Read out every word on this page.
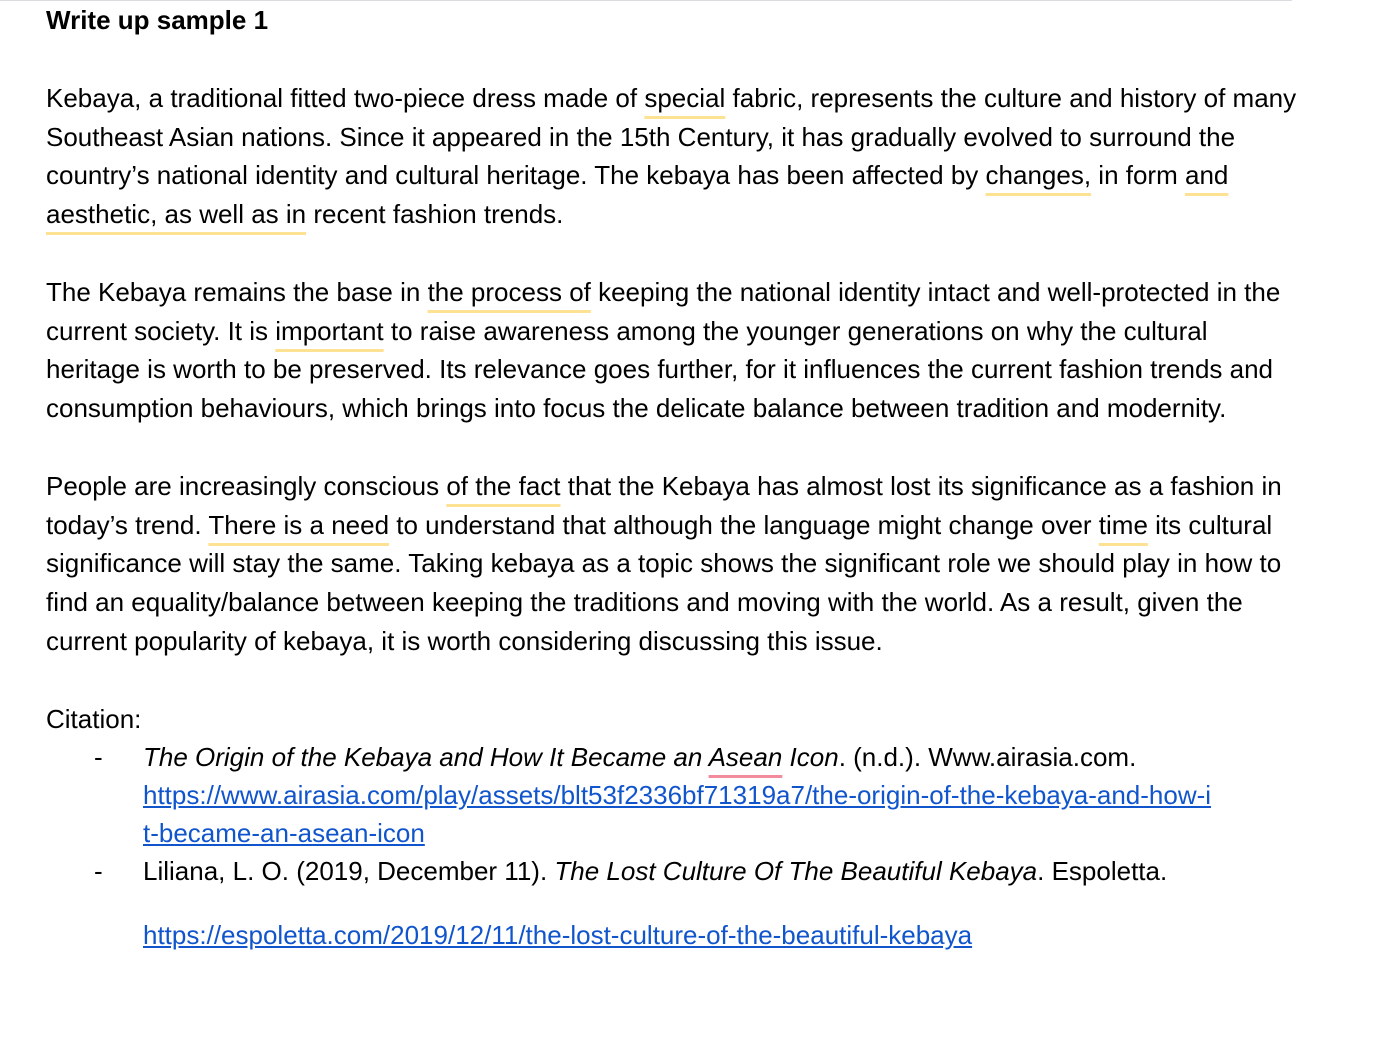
Write up sample 1

Kebaya, a traditional fitted two-piece dress made of special fabric, represents the culture and history of many Southeast Asian nations. Since it appeared in the 15th Century, it has gradually evolved to surround the country’s national identity and cultural heritage. The kebaya has been affected by changes, in form and aesthetic, as well as in recent fashion trends.

The Kebaya remains the base in the process of keeping the national identity intact and well-protected in the current society. It is important to raise awareness among the younger generations on why the cultural heritage is worth to be preserved. Its relevance goes further, for it influences the current fashion trends and consumption behaviours, which brings into focus the delicate balance between tradition and modernity.

People are increasingly conscious of the fact that the Kebaya has almost lost its significance as a fashion in today’s trend. There is a need to understand that although the language might change over time its cultural significance will stay the same. Taking kebaya as a topic shows the significant role we should play in how to find an equality/balance between keeping the traditions and moving with the world. As a result, given the current popularity of kebaya, it is worth considering discussing this issue.

Citation:

- The Origin of the Kebaya and How It Became an Asean Icon. (n.d.). Www.airasia.com.
https://www.airasia.com/play/assets/blt53f2336bf71319a7/the-origin-of-the-kebaya-and-how-i
t-became-an-asean-icon
- Liliana, L. O. (2019, December 11). The Lost Culture Of The Beautiful Kebaya. Espoletta.
https://espoletta.com/2019/12/11/the-lost-culture-of-the-beautiful-kebaya
